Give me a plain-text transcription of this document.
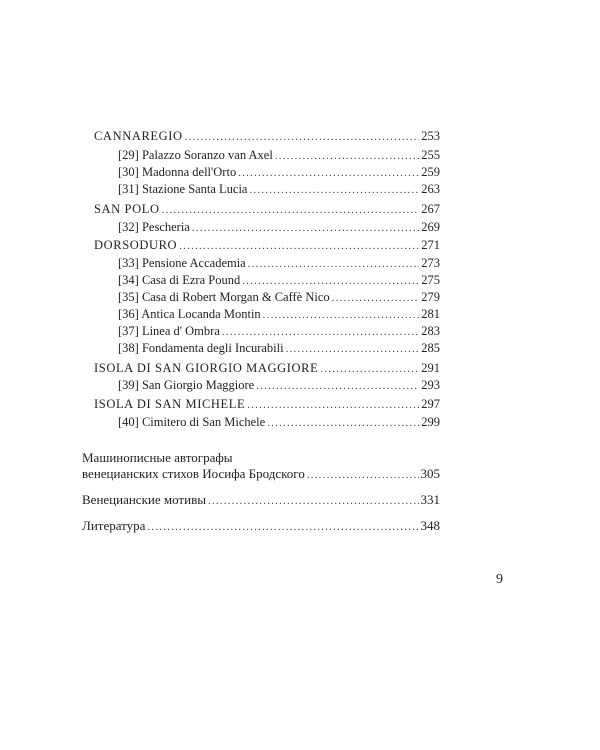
CANNAREGIO .....	253
[29] Palazzo Soranzo van Axel .....	255
[30] Madonna dell'Orto .....	259
[31] Stazione Santa Lucia .....	263
SAN POLO .....	267
[32] Pescheria .....	269
DORSODURO .....	271
[33] Pensione Accademia .....	273
[34] Casa di Ezra Pound .....	275
[35] Casa di Robert Morgan & Caffè Nico .....	279
[36] Antica Locanda Montin .....	281
[37] Linea d' Ombra .....	283
[38] Fondamenta degli Incurabili .....	285
ISOLA DI SAN GIORGIO MAGGIORE .....	291
[39] San Giorgio Maggiore .....	293
ISOLA DI SAN MICHELE .....	297
[40] Cimitero di San Michele .....	299
Машинописные автографы
венецианских стихов Иосифа Бродского .....	305
Венецианские мотивы .....	331
Литература .....	348
9
